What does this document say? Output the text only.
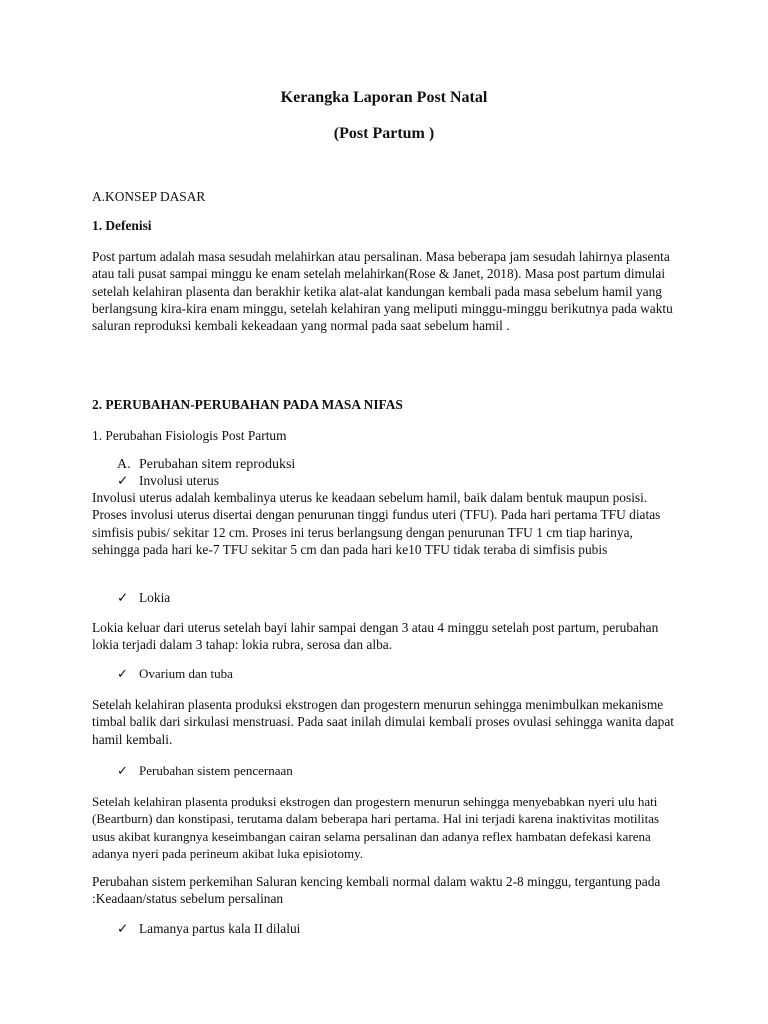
Kerangka Laporan Post Natal
(Post Partum )
A.KONSEP DASAR
1. Defenisi
Post partum adalah masa sesudah melahirkan atau persalinan. Masa beberapa jam sesudah lahirnya plasenta atau tali pusat sampai minggu ke enam setelah melahirkan(Rose & Janet, 2018). Masa post partum dimulai setelah kelahiran plasenta dan berakhir ketika alat-alat kandungan kembali pada masa sebelum hamil yang berlangsung kira-kira enam minggu, setelah kelahiran yang meliputi minggu-minggu berikutnya pada waktu saluran reproduksi kembali kekeadaan yang normal pada saat sebelum hamil .
2. PERUBAHAN-PERUBAHAN PADA MASA NIFAS
1. Perubahan Fisiologis Post Partum
A. Perubahan sitem reproduksi
✓ Involusi uterus
Involusi uterus adalah kembalinya uterus ke keadaan sebelum hamil, baik dalam bentuk maupun posisi. Proses involusi uterus disertai dengan penurunan tinggi fundus uteri (TFU). Pada hari pertama TFU diatas simfisis pubis/ sekitar 12 cm. Proses ini terus berlangsung dengan penurunan TFU 1 cm tiap harinya, sehingga pada hari ke-7 TFU sekitar 5 cm dan pada hari ke10 TFU tidak teraba di simfisis pubis
✓ Lokia
Lokia keluar dari uterus setelah bayi lahir sampai dengan 3 atau 4 minggu setelah post partum, perubahan lokia terjadi dalam 3 tahap: lokia rubra, serosa dan alba.
✓ Ovarium dan tuba
Setelah kelahiran plasenta produksi ekstrogen dan progestern menurun sehingga menimbulkan mekanisme timbal balik dari sirkulasi menstruasi. Pada saat inilah dimulai kembali proses ovulasi sehingga wanita dapat hamil kembali.
✓ Perubahan sistem pencernaan
Setelah kelahiran plasenta produksi ekstrogen dan progestern menurun sehingga menyebabkan nyeri ulu hati (Beartburn) dan konstipasi, terutama dalam beberapa hari pertama. Hal ini terjadi karena inaktivitas motilitas usus akibat kurangnya keseimbangan cairan selama persalinan dan adanya reflex hambatan defekasi karena adanya nyeri pada perineum akibat luka episiotomy.
Perubahan sistem perkemihan Saluran kencing kembali normal dalam waktu 2-8 minggu, tergantung pada :Keadaan/status sebelum persalinan
✓ Lamanya partus kala II dilalui
